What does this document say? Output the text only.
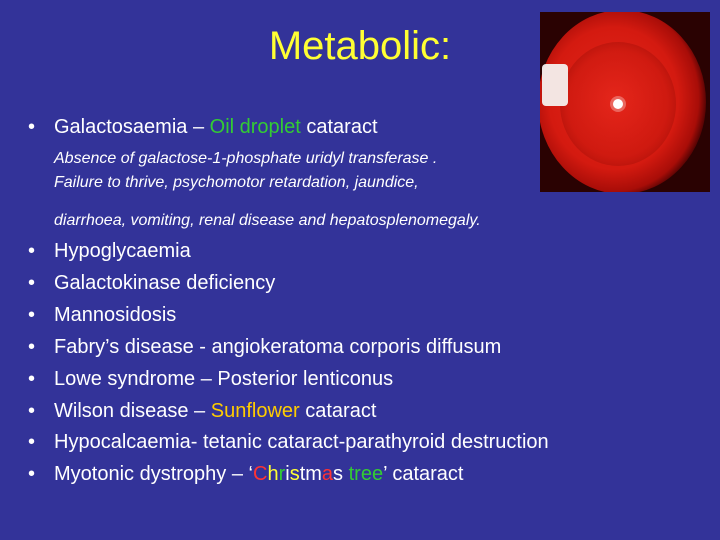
Metabolic:
• Galactosaemia – Oil droplet cataract
Absence of galactose-1-phosphate uridyl transferase .
Failure to thrive, psychomotor retardation, jaundice,
diarrhoea, vomiting, renal disease and hepatosplenomegaly.
• Hypoglycaemia
• Galactokinase deficiency
• Mannosidosis
• Fabry’s disease - angiokeratoma corporis diffusum
• Lowe syndrome – Posterior lenticonus
• Wilson disease – Sunflower cataract
• Hypocalcaemia- tetanic cataract-parathyroid destruction
• Myotonic dystrophy – ‘Christmas tree’ cataract
